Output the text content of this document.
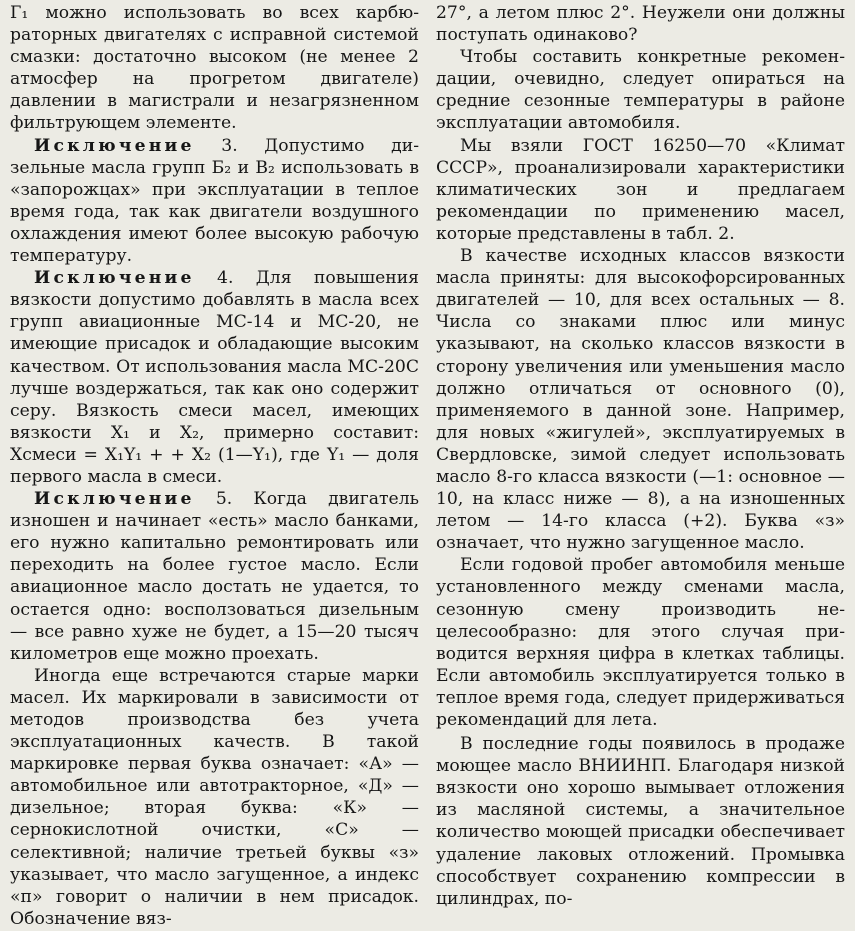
Г₁ можно использовать во всех карбюраторных двигателях с исправной системой смазки: достаточно высоком (не менее 2 атмосфер на прогретом двигателе) давлении в магистрали и незагрязненном фильтрующем элементе.

Исключение 3. Допустимо дизельные масла групп Б₂ и В₂ использовать в «запорожцах» при эксплуатации в теплое время года, так как двигатели воздушного охлаждения имеют более высокую рабочую температуру.

Исключение 4. Для повышения вязкости допустимо добавлять в масла всех групп авиационные МС-14 и МС-20, не имеющие присадок и обладающие высоким качеством. От использования масла МС-20С лучше воздержаться, так как оно содержит серу. Вязкость смеси масел, имеющих вязкости X₁ и X₂, примерно составит: Xсмеси = X₁Y₁ + + X₂ (1—Y₁), где Y₁ — доля первого масла в смеси.

Исключение 5. Когда двигатель изношен и начинает «есть» масло банками, его нужно капитально ремонтировать или переходить на более густое масло. Если авиационное масло достать не удается, то остается одно: восползоваться дизельным — все равно хуже не будет, а 15—20 тысяч километров еще можно проехать.

Иногда еще встречаются старые марки масел. Их маркировали в зависимости от методов производства без учета эксплуатационных качеств. В такой маркировке первая буква означает: «А» — автомобильное или автотракторное, «Д» — дизельное; вторая буква: «К» — сернокислотной очистки, «С» — селективной; наличие третьей буквы «з» указывает, что масло загущенное, а индекс «п» говорит о наличии в нем присадок. Обозначение вяз-

27°, а летом плюс 2°. Неужели они должны поступать одинаково?

Чтобы составить конкретные рекомендации, очевидно, следует опираться на средние сезонные температуры в районе эксплуатации автомобиля.

Мы взяли ГОСТ 16250—70 «Климат СССР», проанализировали характеристики климатических зон и предлагаем рекомендации по применению масел, которые представлены в табл. 2.

В качестве исходных классов вязкости масла приняты: для высокофорсированных двигателей — 10, для всех остальных — 8. Числа со знаками плюс или минус указывают, на сколько классов вязкости в сторону увеличения или уменьшения масло должно отличаться от основного (0), применяемого в данной зоне. Например, для новых «жигулей», эксплуатируемых в Свердловске, зимой следует использовать масло 8-го класса вязкости (—1: основное — 10, на класс ниже — 8), а на изношенных летом — 14-го класса (+2). Буква «з» означает, что нужно загущенное масло.

Если годовой пробег автомобиля меньше установленного между сменами масла, сезонную смену производить нецелесообразно: для этого случая приводится верхняя цифра в клетках таблицы. Если автомобиль эксплуатируется только в теплое время года, следует придерживаться рекомендаций для лета.

В последние годы появилось в продаже моющее масло ВНИИНП. Благодаря низкой вязкости оно хорошо вымывает отложения из масляной системы, а значительное количество моющей присадки обеспечивает удаление лаковых отложений. Промывка способствует сохранению компрессии в цилиндрах, по-
